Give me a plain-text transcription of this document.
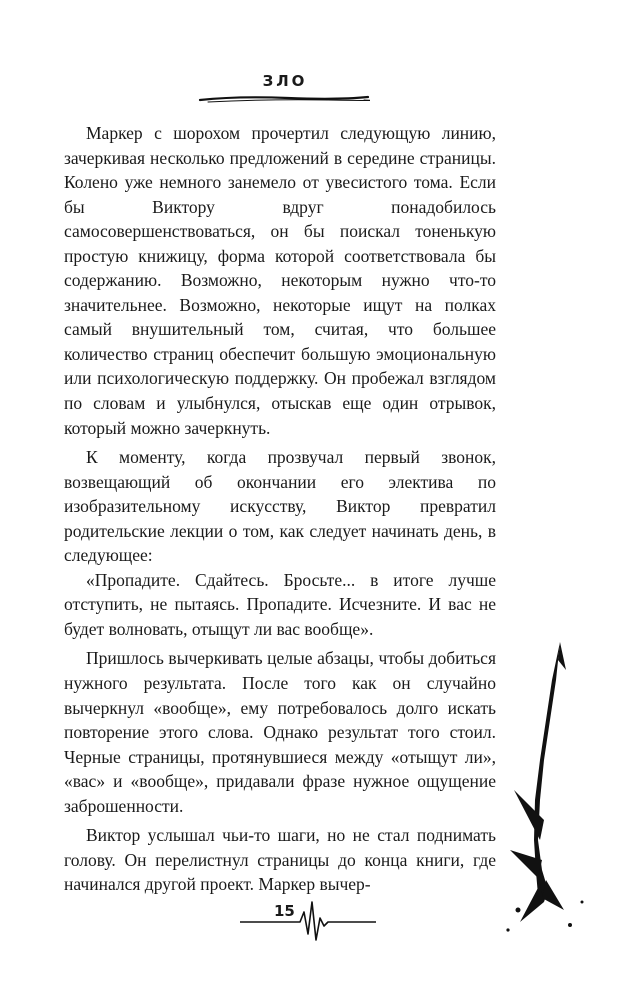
ЗЛО

Маркер с шорохом прочертил следующую линию, зачеркивая несколько предложений в середине страницы. Колено уже немного занемело от увесистого тома. Если бы Виктору вдруг понадобилось самосовершенствоваться, он бы поискал тоненькую простую книжицу, форма которой соответствовала бы содержанию. Возможно, некоторым нужно что-то значительнее. Возможно, некоторые ищут на полках самый внушительный том, считая, что большее количество страниц обеспечит большую эмоциональную или психологическую поддержку. Он пробежал взглядом по словам и улыбнулся, отыскав еще один отрывок, который можно зачеркнуть.

К моменту, когда прозвучал первый звонок, возвещающий об окончании его электива по изобразительному искусству, Виктор превратил родительские лекции о том, как следует начинать день, в следующее:

«Пропадите. Сдайтесь. Бросьте... в итоге лучше отступить, не пытаясь. Пропадите. Исчезните. И вас не будет волновать, отыщут ли вас вообще».

Пришлось вычеркивать целые абзацы, чтобы добиться нужного результата. После того как он случайно вычеркнул «вообще», ему потребовалось долго искать повторение этого слова. Однако результат того стоил. Черные страницы, протянувшиеся между «отыщут ли», «вас» и «вообще», придавали фразе нужное ощущение заброшенности.

Виктор услышал чьи-то шаги, но не стал поднимать голову. Он перелистнул страницы до конца книги, где начинался другой проект. Маркер вычер-

15
